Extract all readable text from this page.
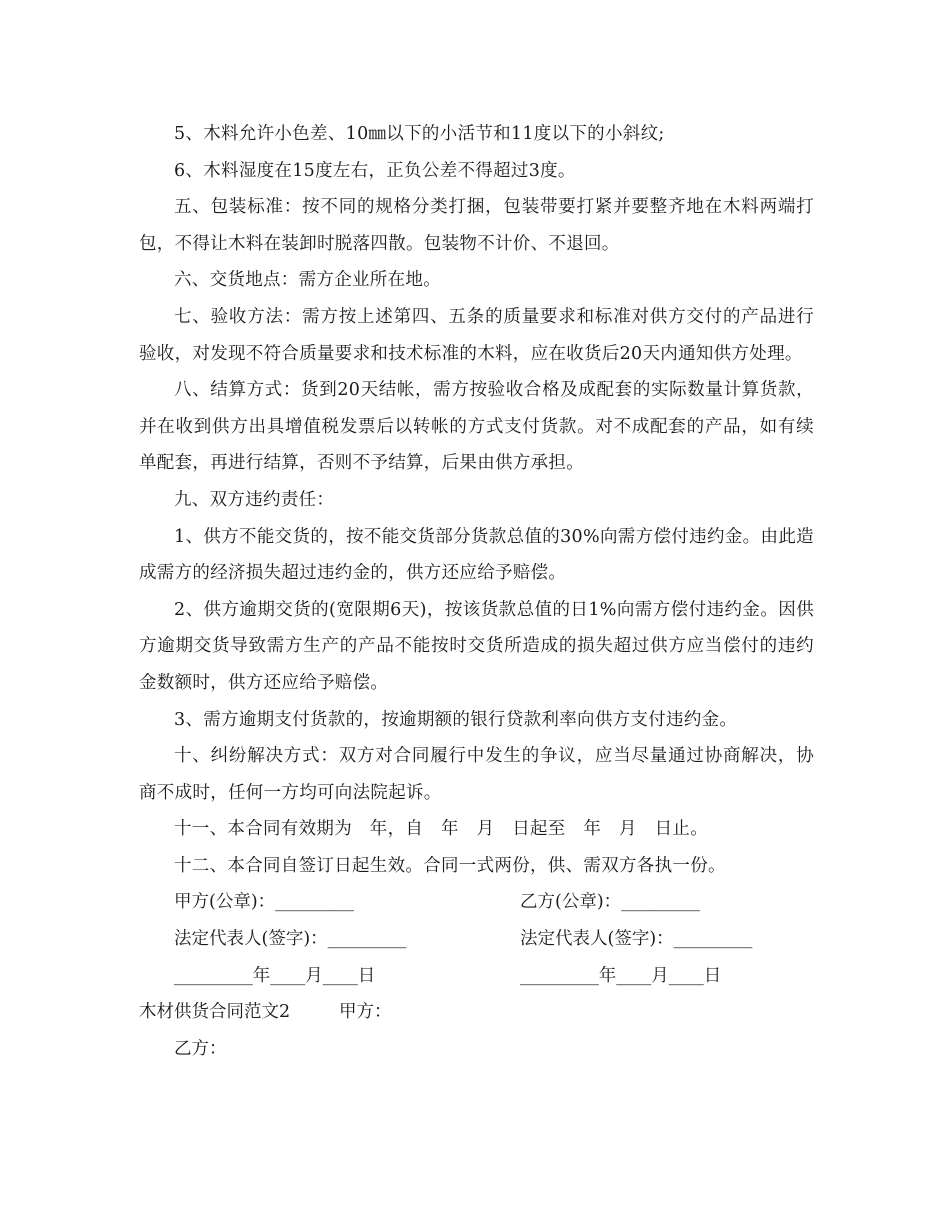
5、木料允许小色差、10㎜以下的小活节和11度以下的小斜纹;

6、木料湿度在15度左右，正负公差不得超过3度。

五、包装标准：按不同的规格分类打捆，包装带要打紧并要整齐地在木料两端打包，不得让木料在装卸时脱落四散。包装物不计价、不退回。

六、交货地点：需方企业所在地。

七、验收方法：需方按上述第四、五条的质量要求和标准对供方交付的产品进行验收，对发现不符合质量要求和技术标准的木料，应在收货后20天内通知供方处理。

八、结算方式：货到20天结帐，需方按验收合格及成配套的实际数量计算货款，并在收到供方出具增值税发票后以转帐的方式支付货款。对不成配套的产品，如有续单配套，再进行结算，否则不予结算，后果由供方承担。

九、双方违约责任：

1、供方不能交货的，按不能交货部分货款总值的30%向需方偿付违约金。由此造成需方的经济损失超过违约金的，供方还应给予赔偿。

2、供方逾期交货的(宽限期6天)，按该货款总值的日1%向需方偿付违约金。因供方逾期交货导致需方生产的产品不能按时交货所造成的损失超过供方应当偿付的违约金数额时，供方还应给予赔偿。

3、需方逾期支付货款的，按逾期额的银行贷款利率向供方支付违约金。

十、纠纷解决方式：双方对合同履行中发生的争议，应当尽量通过协商解决，协商不成时，任何一方均可向法院起诉。

十一、本合同有效期为　年，自　年　月　日起至　年　月　日止。

十二、本合同自签订日起生效。合同一式两份，供、需双方各执一份。

甲方(公章)：_________	乙方(公章)：_________
法定代表人(签字)：_________	法定代表人(签字)：_________
_________年____月____日	_________年____月____日
木材供货合同范文2	甲方：
乙方：
